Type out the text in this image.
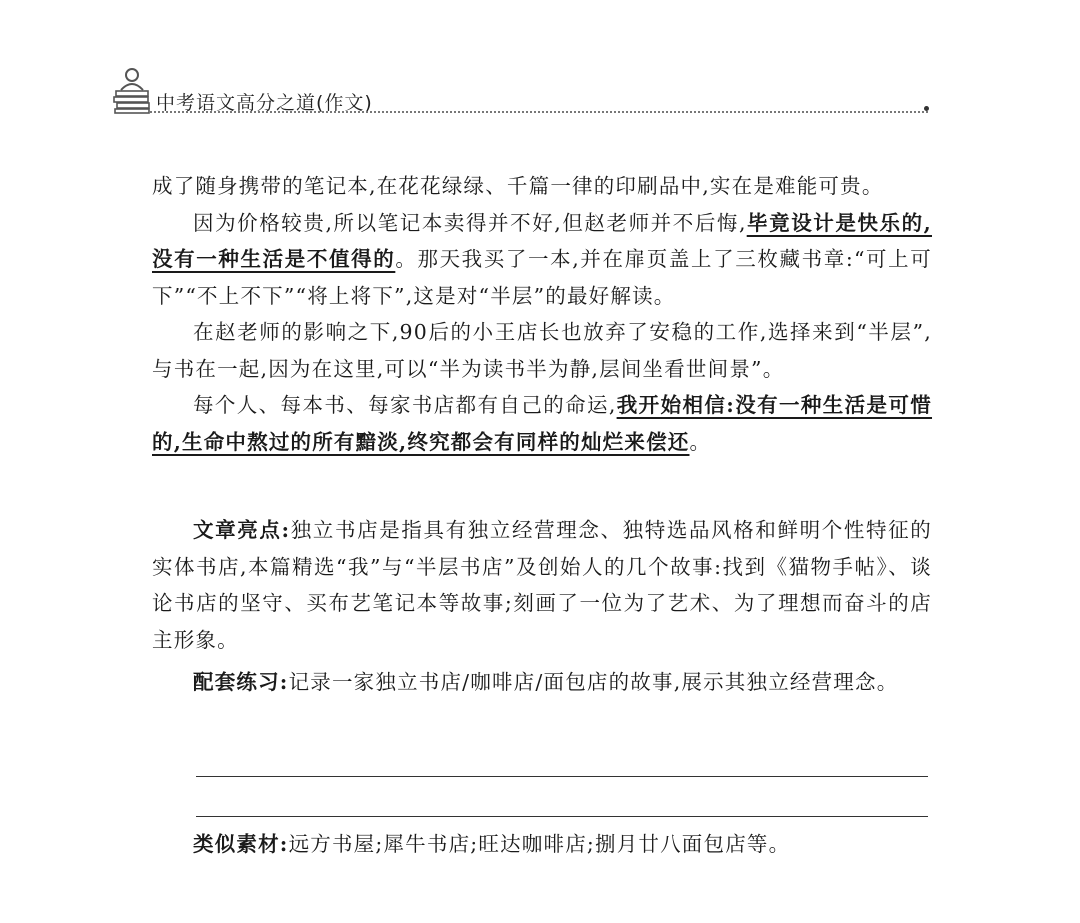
中考语文高分之道(作文)

成了随身携带的笔记本,在花花绿绿、千篇一律的印刷品中,实在是难能可贵。

因为价格较贵,所以笔记本卖得并不好,但赵老师并不后悔,毕竟设计是快乐的,没有一种生活是不值得的。那天我买了一本,并在扉页盖上了三枚藏书章:“可上可下”“不上不下”“将上将下”,这是对“半层”的最好解读。

在赵老师的影响之下,90后的小王店长也放弃了安稳的工作,选择来到“半层”,与书在一起,因为在这里,可以“半为读书半为静,层间坐看世间景”。

每个人、每本书、每家书店都有自己的命运,我开始相信:没有一种生活是可惜的,生命中熬过的所有黯淡,终究都会有同样的灿烂来偿还。

文章亮点:独立书店是指具有独立经营理念、独特选品风格和鲜明个性特征的实体书店,本篇精选“我”与“半层书店”及创始人的几个故事:找到《猫物手帖》、谈论书店的坚守、买布艺笔记本等故事;刻画了一位为了艺术、为了理想而奋斗的店主形象。

配套练习:记录一家独立书店/咖啡店/面包店的故事,展示其独立经营理念。

类似素材:远方书屋;犀牛书店;旺达咖啡店;捌月廿八面包店等。
